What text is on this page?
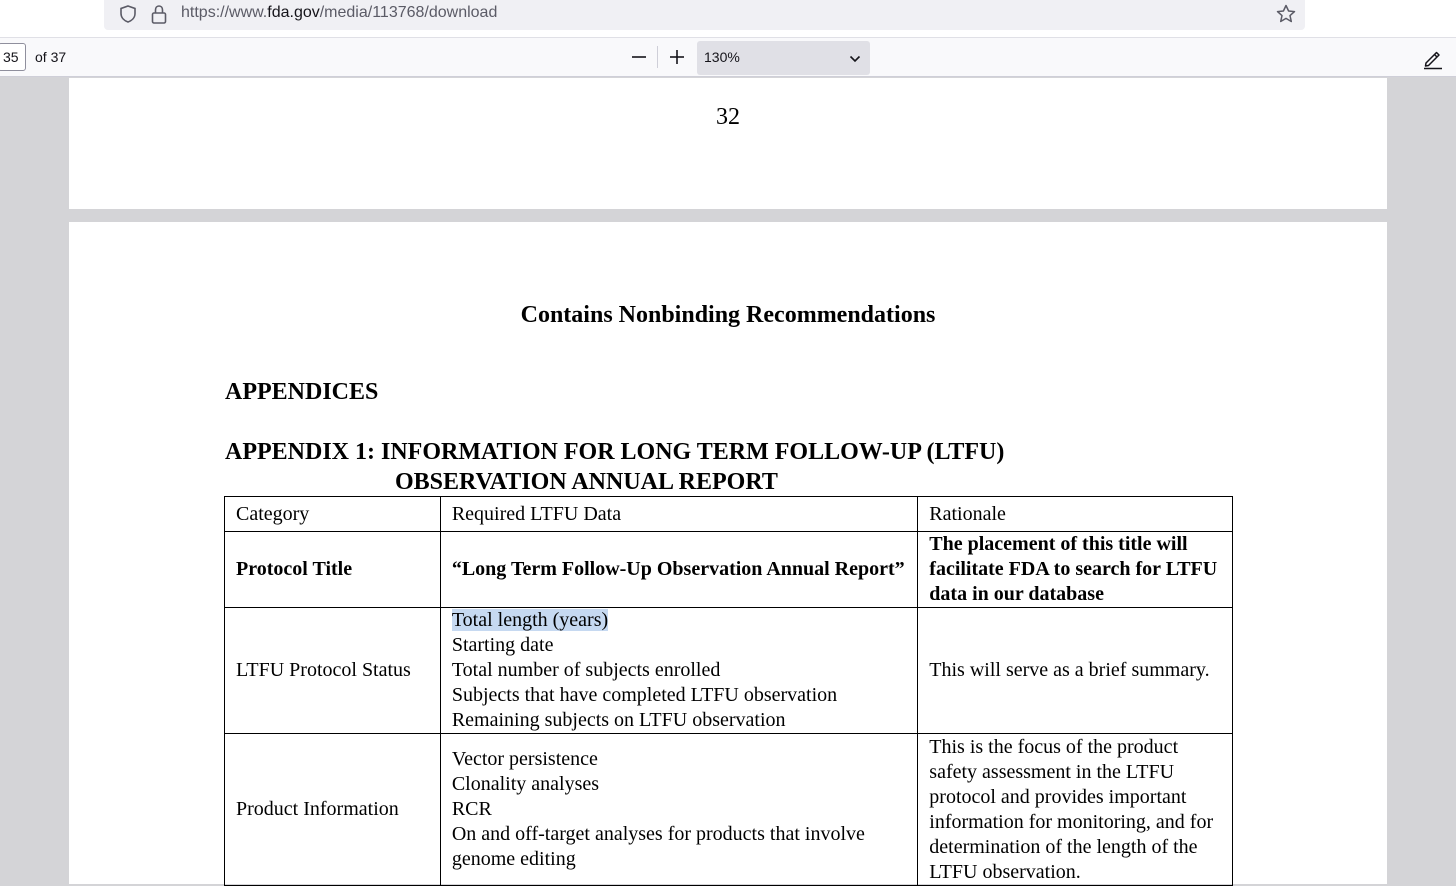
https://www.fda.gov/media/113768/download
35	of 37	130%
32
Contains Nonbinding Recommendations
APPENDICES
APPENDIX 1: INFORMATION FOR LONG TERM FOLLOW-UP (LTFU)
OBSERVATION ANNUAL REPORT
Category	Required LTFU Data	Rationale
Protocol Title	“Long Term Follow-Up Observation Annual Report”	The placement of this title will facilitate FDA to search for LTFU data in our database

LTFU Protocol Status	Total length (years)
Starting date
Total number of subjects enrolled
Subjects that have completed LTFU observation
Remaining subjects on LTFU observation	This will serve as a brief summary.

Product Information	Vector persistence
Clonality analyses
RCR
On and off-target analyses for products that involve genome editing	This is the focus of the product safety assessment in the LTFU protocol and provides important information for monitoring, and for determination of the length of the LTFU observation.
